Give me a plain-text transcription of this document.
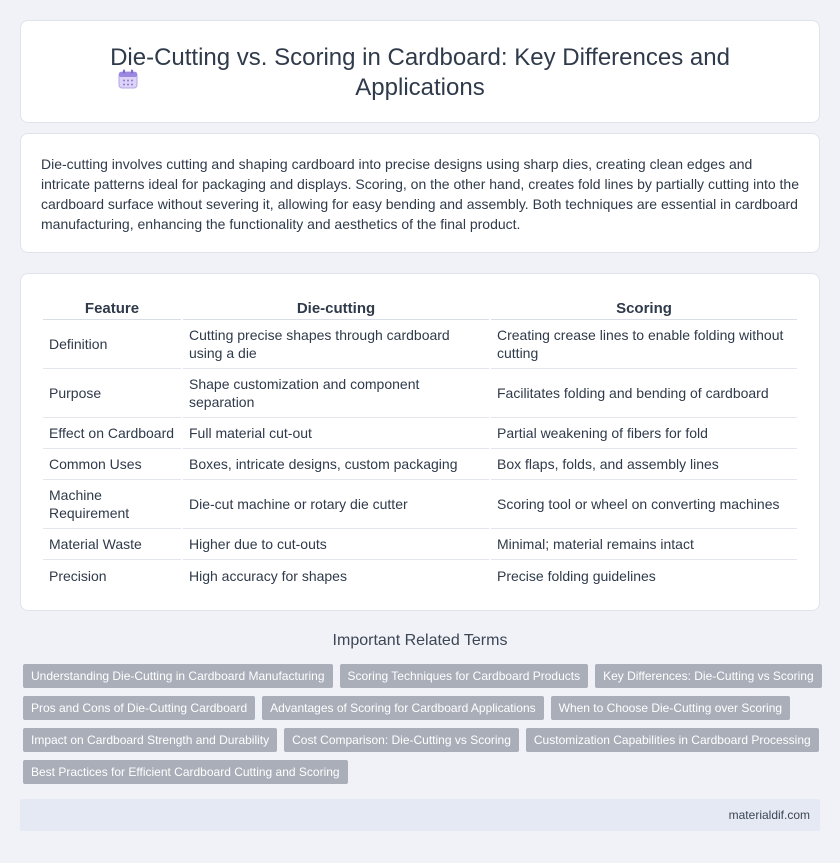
Die-Cutting vs. Scoring in Cardboard: Key Differences and Applications

Die-cutting involves cutting and shaping cardboard into precise designs using sharp dies, creating clean edges and intricate patterns ideal for packaging and displays. Scoring, on the other hand, creates fold lines by partially cutting into the cardboard surface without severing it, allowing for easy bending and assembly. Both techniques are essential in cardboard manufacturing, enhancing the functionality and aesthetics of the final product.

Feature	Die-cutting	Scoring
Definition	Cutting precise shapes through cardboard using a die	Creating crease lines to enable folding without cutting
Purpose	Shape customization and component separation	Facilitates folding and bending of cardboard
Effect on Cardboard	Full material cut-out	Partial weakening of fibers for fold
Common Uses	Boxes, intricate designs, custom packaging	Box flaps, folds, and assembly lines
Machine Requirement	Die-cut machine or rotary die cutter	Scoring tool or wheel on converting machines
Material Waste	Higher due to cut-outs	Minimal; material remains intact
Precision	High accuracy for shapes	Precise folding guidelines
Important Related Terms
Understanding Die-Cutting in Cardboard Manufacturing	Scoring Techniques for Cardboard Products	Key Differences: Die-Cutting vs Scoring
Pros and Cons of Die-Cutting Cardboard	Advantages of Scoring for Cardboard Applications	When to Choose Die-Cutting over Scoring
Impact on Cardboard Strength and Durability	Cost Comparison: Die-Cutting vs Scoring	Customization Capabilities in Cardboard Processing
Best Practices for Efficient Cardboard Cutting and Scoring
materialdif.com
